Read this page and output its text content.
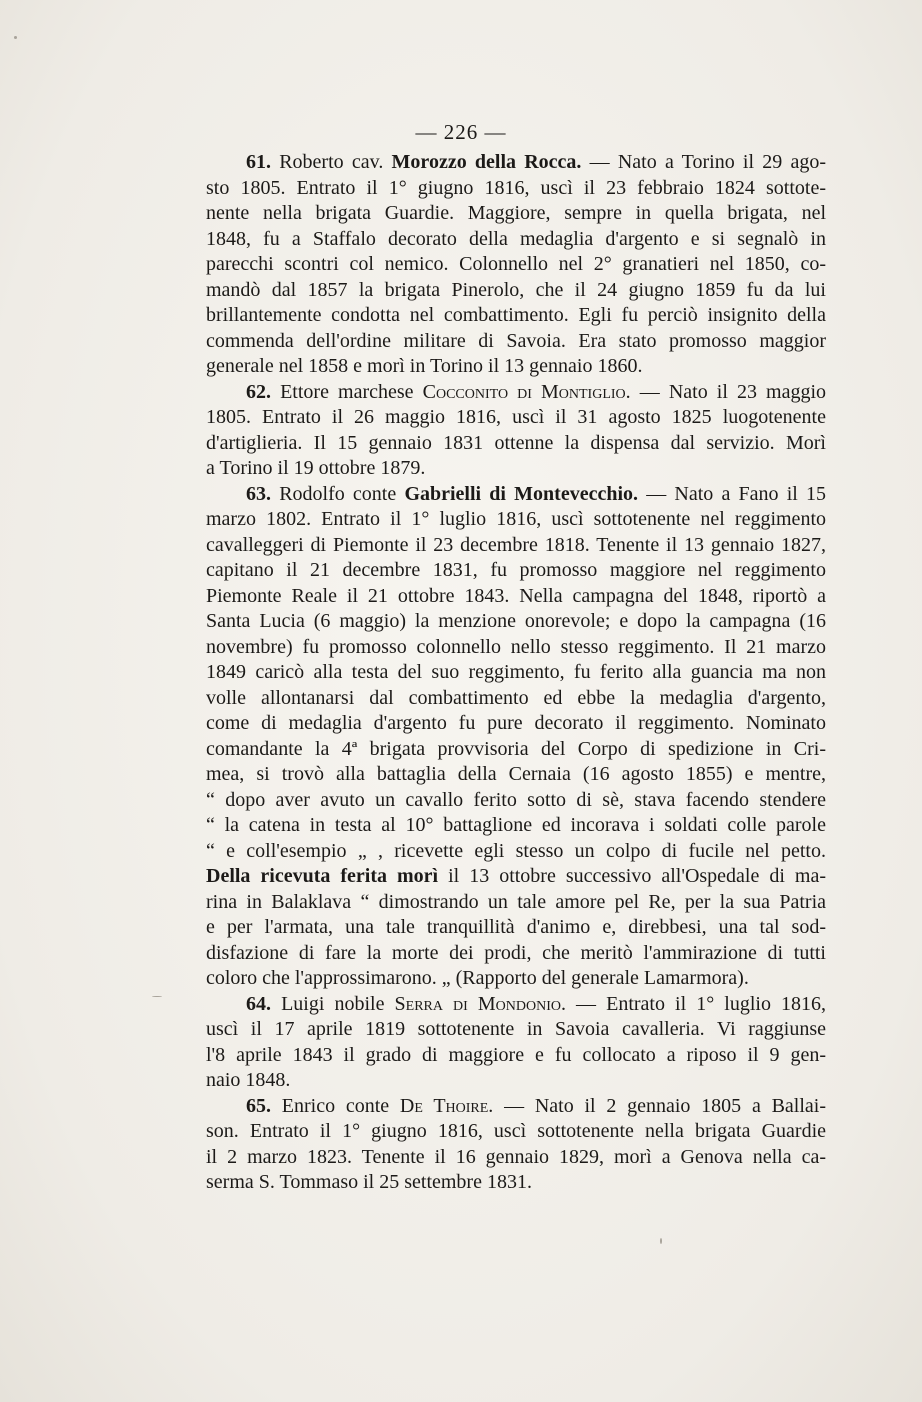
— 226 —
61. Roberto cav. Morozzo della Rocca. — Nato a Torino il 29 ago-
sto 1805. Entrato il 1° giugno 1816, uscì il 23 febbraio 1824 sottote-
nente nella brigata Guardie. Maggiore, sempre in quella brigata, nel
1848, fu a Staffalo decorato della medaglia d'argento e si segnalò in
parecchi scontri col nemico. Colonnello nel 2° granatieri nel 1850, co-
mandò dal 1857 la brigata Pinerolo, che il 24 giugno 1859 fu da lui
brillantemente condotta nel combattimento. Egli fu perciò insignito della
commenda dell'ordine militare di Savoia. Era stato promosso maggior
generale nel 1858 e morì in Torino il 13 gennaio 1860.
62. Ettore marchese Cocconito di Montiglio. — Nato il 23 maggio
1805. Entrato il 26 maggio 1816, uscì il 31 agosto 1825 luogotenente
d'artiglieria. Il 15 gennaio 1831 ottenne la dispensa dal servizio. Morì
a Torino il 19 ottobre 1879.
63. Rodolfo conte Gabrielli di Montevecchio. — Nato a Fano il 15
marzo 1802. Entrato il 1° luglio 1816, uscì sottotenente nel reggimento
cavalleggeri di Piemonte il 23 decembre 1818. Tenente il 13 gennaio 1827,
capitano il 21 decembre 1831, fu promosso maggiore nel reggimento
Piemonte Reale il 21 ottobre 1843. Nella campagna del 1848, riportò a
Santa Lucia (6 maggio) la menzione onorevole; e dopo la campagna (16
novembre) fu promosso colonnello nello stesso reggimento. Il 21 marzo
1849 caricò alla testa del suo reggimento, fu ferito alla guancia ma non
volle allontanarsi dal combattimento ed ebbe la medaglia d'argento,
come di medaglia d'argento fu pure decorato il reggimento. Nominato
comandante la 4ª brigata provvisoria del Corpo di spedizione in Cri-
mea, si trovò alla battaglia della Cernaia (16 agosto 1855) e mentre,
“ dopo aver avuto un cavallo ferito sotto di sè, stava facendo stendere
“ la catena in testa al 10° battaglione ed incorava i soldati colle parole
“ e coll'esempio „ , ricevette egli stesso un colpo di fucile nel petto.
Della ricevuta ferita morì il 13 ottobre successivo all'Ospedale di ma-
rina in Balaklava “ dimostrando un tale amore pel Re, per la sua Patria
e per l'armata, una tale tranquillità d'animo e, direbbesi, una tal sod-
disfazione di fare la morte dei prodi, che meritò l'ammirazione di tutti
coloro che l'approssimarono. „ (Rapporto del generale Lamarmora).
64. Luigi nobile Serra di Mondonio. — Entrato il 1° luglio 1816,
uscì il 17 aprile 1819 sottotenente in Savoia cavalleria. Vi raggiunse
l'8 aprile 1843 il grado di maggiore e fu collocato a riposo il 9 gen-
naio 1848.
65. Enrico conte De Thoire. — Nato il 2 gennaio 1805 a Ballai-
son. Entrato il 1° giugno 1816, uscì sottotenente nella brigata Guardie
il 2 marzo 1823. Tenente il 16 gennaio 1829, morì a Genova nella ca-
serma S. Tommaso il 25 settembre 1831.
